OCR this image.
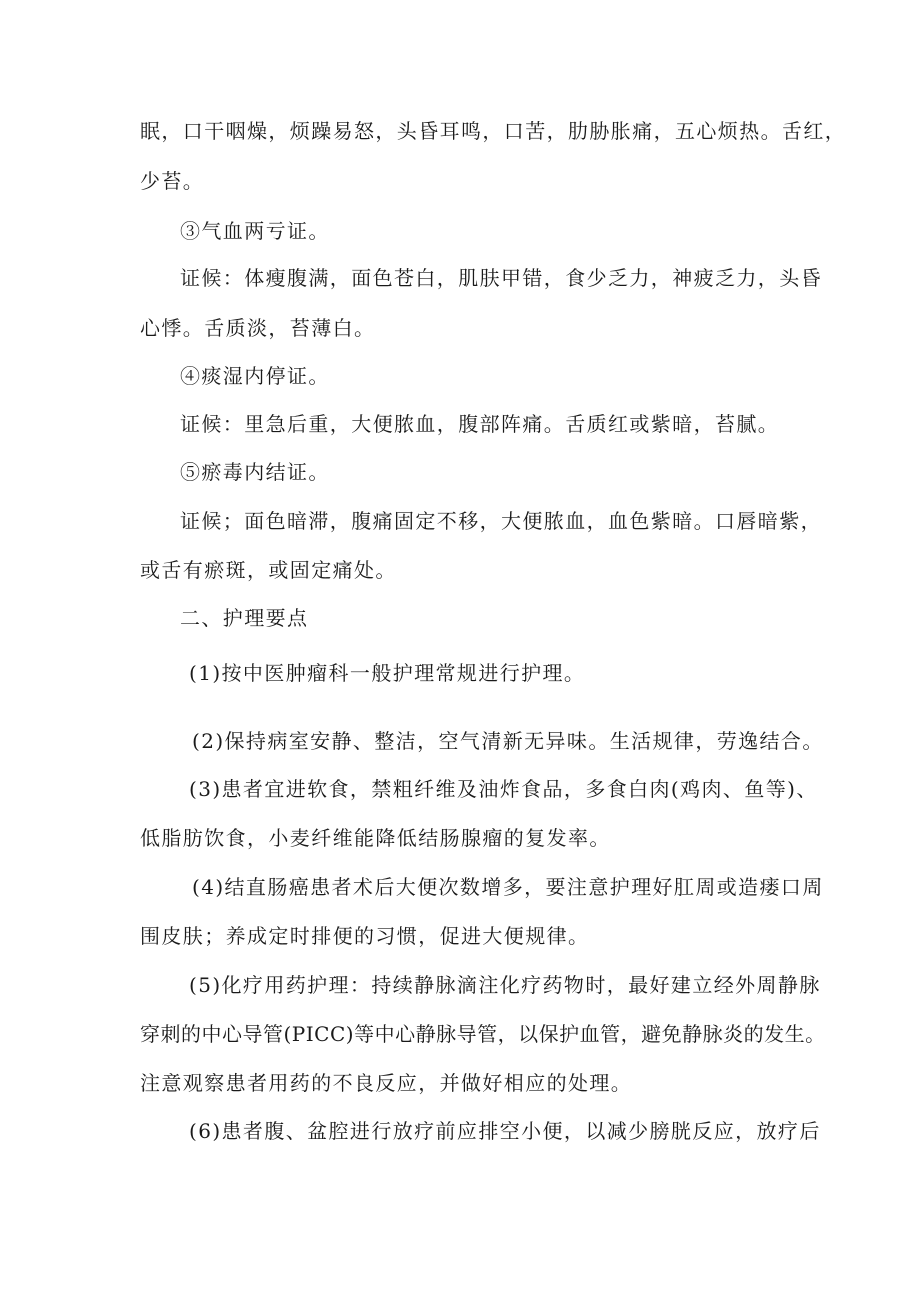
眠，口干咽燥，烦躁易怒，头昏耳鸣，口苦，肋胁胀痛，五心烦热。舌红，
少苔。
③气血两亏证。
证候：体瘦腹满，面色苍白，肌肤甲错，食少乏力，神疲乏力，头昏
心悸。舌质淡，苔薄白。
④痰湿内停证。
证候：里急后重，大便脓血，腹部阵痛。舌质红或紫暗，苔腻。
⑤瘀毒内结证。
证候；面色暗滞，腹痛固定不移，大便脓血，血色紫暗。口唇暗紫，
或舌有瘀斑，或固定痛处。
二、护理要点
(1)按中医肿瘤科一般护理常规进行护理。
(2)保持病室安静、整洁，空气清新无异味。生活规律，劳逸结合。
(3)患者宜进软食，禁粗纤维及油炸食品，多食白肉(鸡肉、鱼等)、
低脂肪饮食，小麦纤维能降低结肠腺瘤的复发率。
(4)结直肠癌患者术后大便次数增多，要注意护理好肛周或造瘘口周
围皮肤；养成定时排便的习惯，促进大便规律。
(5)化疗用药护理：持续静脉滴注化疗药物时，最好建立经外周静脉
穿刺的中心导管(PICC)等中心静脉导管，以保护血管，避免静脉炎的发生。
注意观察患者用药的不良反应，并做好相应的处理。
(6)患者腹、盆腔进行放疗前应排空小便，以减少膀胱反应，放疗后
